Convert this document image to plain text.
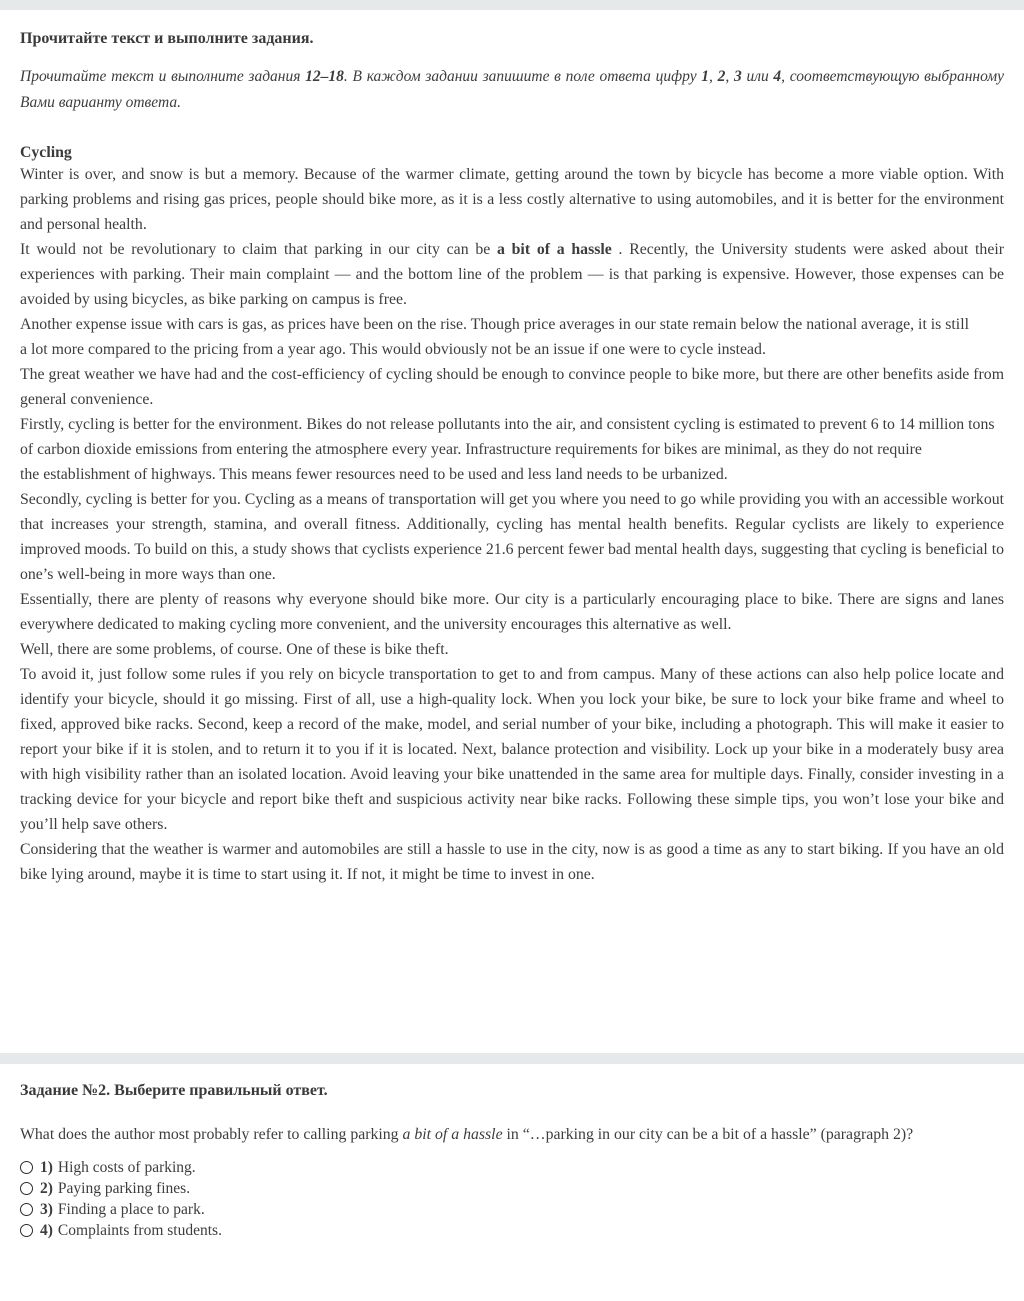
Прочитайте текст и выполните задания.

Прочитайте текст и выполните задания 12–18. В каждом задании запишите в поле ответа цифру 1, 2, 3 или 4, соответствующую выбранному Вами варианту ответа.

Cycling

Winter is over, and snow is but a memory. Because of the warmer climate, getting around the town by bicycle has become a more viable option. With parking problems and rising gas prices, people should bike more, as it is a less costly alternative to using automobiles, and it is better for the environment and personal health.

It would not be revolutionary to claim that parking in our city can be a bit of a hassle . Recently, the University students were asked about their experiences with parking. Their main complaint — and the bottom line of the problem — is that parking is expensive. However, those expenses can be avoided by using bicycles, as bike parking on campus is free.

Another expense issue with cars is gas, as prices have been on the rise. Though price averages in our state remain below the national average, it is still

a lot more compared to the pricing from a year ago. This would obviously not be an issue if one were to cycle instead.

The great weather we have had and the cost-efficiency of cycling should be enough to convince people to bike more, but there are other benefits aside from general convenience.

Firstly, cycling is better for the environment. Bikes do not release pollutants into the air, and consistent cycling is estimated to prevent 6 to 14 million tons

of carbon dioxide emissions from entering the atmosphere every year. Infrastructure requirements for bikes are minimal, as they do not require

the establishment of highways. This means fewer resources need to be used and less land needs to be urbanized.

Secondly, cycling is better for you. Cycling as a means of transportation will get you where you need to go while providing you with an accessible workout that increases your strength, stamina, and overall fitness. Additionally, cycling has mental health benefits. Regular cyclists are likely to experience improved moods. To build on this, a study shows that cyclists experience 21.6 percent fewer bad mental health days, suggesting that cycling is beneficial to one’s well-being in more ways than one.

Essentially, there are plenty of reasons why everyone should bike more. Our city is a particularly encouraging place to bike. There are signs and lanes everywhere dedicated to making cycling more convenient, and the university encourages this alternative as well.

Well, there are some problems, of course. One of these is bike theft.

To avoid it, just follow some rules if you rely on bicycle transportation to get to and from campus. Many of these actions can also help police locate and identify your bicycle, should it go missing. First of all, use a high-quality lock. When you lock your bike, be sure to lock your bike frame and wheel to fixed, approved bike racks. Second, keep a record of the make, model, and serial number of your bike, including a photograph. This will make it easier to report your bike if it is stolen, and to return it to you if it is located. Next, balance protection and visibility. Lock up your bike in a moderately busy area with high visibility rather than an isolated location. Avoid leaving your bike unattended in the same area for multiple days. Finally, consider investing in a tracking device for your bicycle and report bike theft and suspicious activity near bike racks. Following these simple tips, you won’t lose your bike and you’ll help save others.

Considering that the weather is warmer and automobiles are still a hassle to use in the city, now is as good a time as any to start biking. If you have an old bike lying around, maybe it is time to start using it. If not, it might be time to invest in one.

Задание №2. Выберите правильный ответ.

What does the author most probably refer to calling parking a bit of a hassle in “…parking in our city can be a bit of a hassle” (paragraph 2)?

1) High costs of parking.
2) Paying parking fines.
3) Finding a place to park.
4) Complaints from students.
